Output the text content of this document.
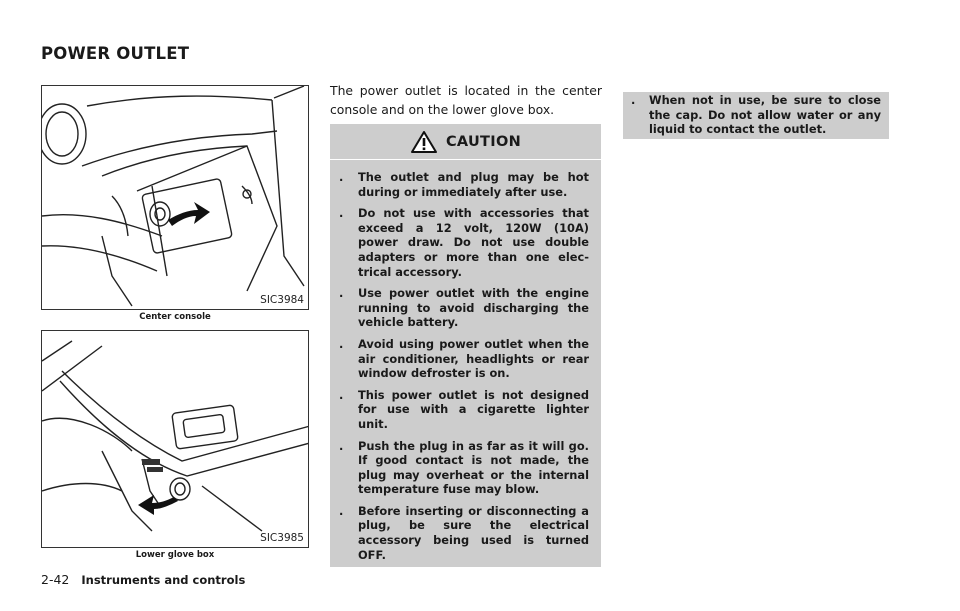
POWER OUTLET
SIC3984
Center console
SIC3985
Lower glove box
The power outlet is located in the center console and on the lower glove box.
CAUTION
. The outlet and plug may be hot during or immediately after use.
. Do not use with accessories that exceed a 12 volt, 120W (10A) power draw. Do not use double adapters or more than one elec-trical accessory.
. Use power outlet with the engine running to avoid discharging the vehicle battery.
. Avoid using power outlet when the air conditioner, headlights or rear window defroster is on.
. This power outlet is not designed for use with a cigarette lighter unit.
. Push the plug in as far as it will go. If good contact is not made, the plug may overheat or the internal temperature fuse may blow.
. Before inserting or disconnecting a plug, be sure the electrical accessory being used is turned OFF.
. When not in use, be sure to close the cap. Do not allow water or any liquid to contact the outlet.
2-42 Instruments and controls
